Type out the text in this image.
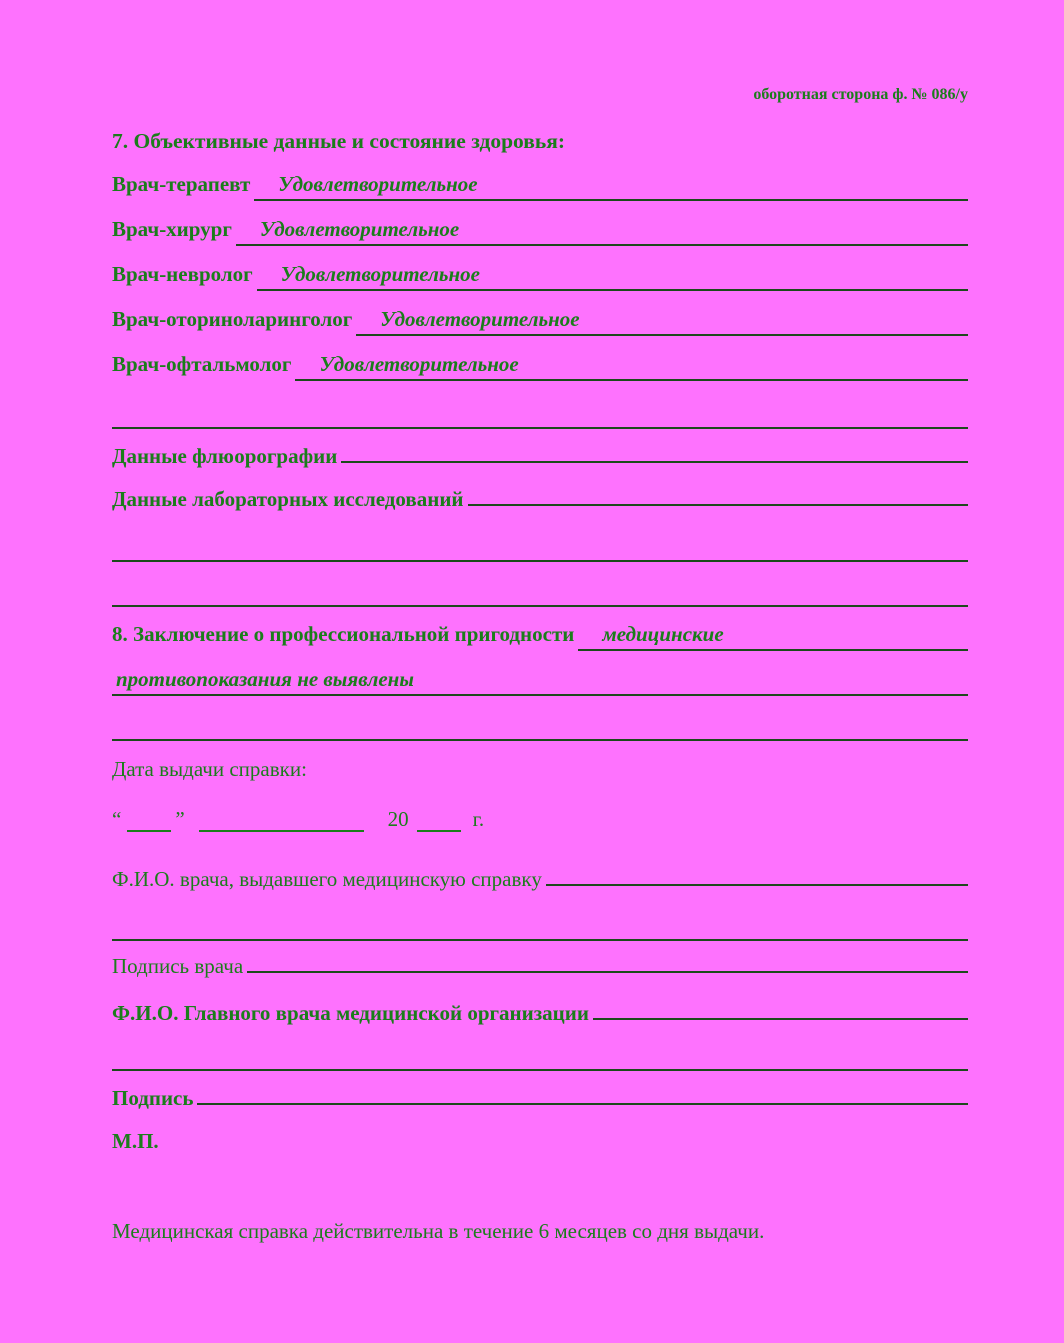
оборотная сторона ф. № 086/у
7. Объективные данные и состояние здоровья:
Врач-терапевт	Удовлетворительное
Врач-хирург	Удовлетворительное
Врач-невролог	Удовлетворительное
Врач-оториноларинголог	Удовлетворительное
Врач-офтальмолог	Удовлетворительное
Данные флюорографии
Данные лабораторных исследований
8. Заключение о профессиональной пригодности	медицинские
противопоказания не выявлены
Дата выдачи справки:
“	”	20	г.
Ф.И.О. врача, выдавшего медицинскую справку
Подпись врача
Ф.И.О. Главного врача медицинской организации
Подпись
М.П.
Медицинская справка действительна в течение 6 месяцев со дня выдачи.
